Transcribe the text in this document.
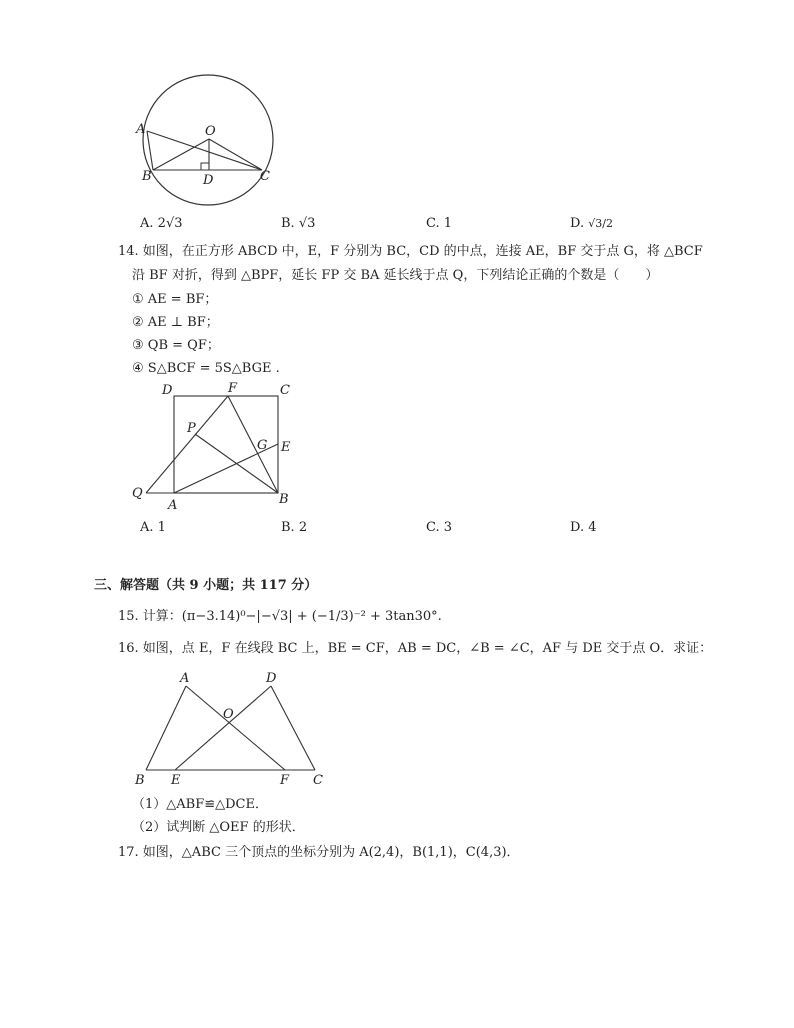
A	O
B	D	C
D	F	C
P
G E
Q
A	B
A	D
O
B E	F C
A. 2√3	B. √3	C. 1	D. √3/2
14. 如图，在正方形 ABCD 中，E，F 分别为 BC，CD 的中点，连接 AE，BF 交于点 G，将 △BCF
沿 BF 对折，得到 △BPF，延长 FP 交 BA 延长线于点 Q，下列结论正确的个数是（　　）
① AE = BF；
② AE ⊥ BF；
③ QB = QF；
④ S△BCF = 5S△BGE .
A. 1	B. 2	C. 3	D. 4
三、解答题（共 9 小题；共 117 分）
15. 计算：(π−3.14)⁰−|−√3| + (−1/3)⁻² + 3tan30°.
16. 如图，点 E，F 在线段 BC 上，BE = CF，AB = DC，∠B = ∠C，AF 与 DE 交于点 O．求证：
（1）△ABF≌△DCE．
（2）试判断 △OEF 的形状．
17. 如图，△ABC 三个顶点的坐标分别为 A(2,4)，B(1,1)，C(4,3)．
